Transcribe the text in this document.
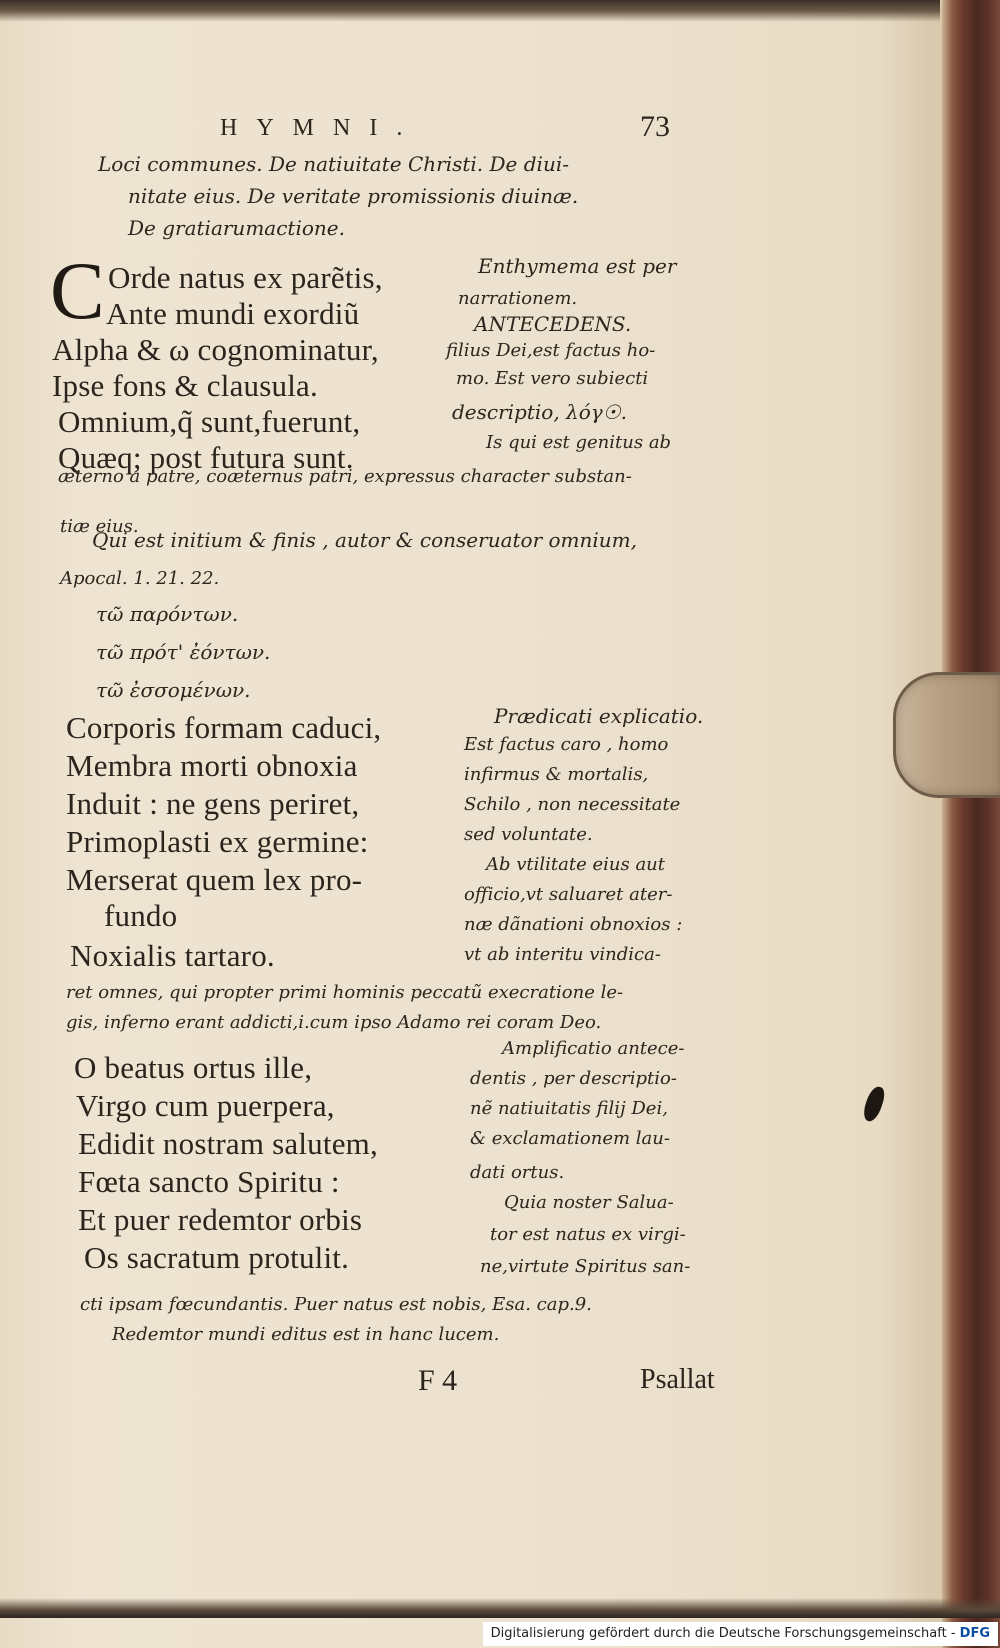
HYMNI.	73
Loci communes. De natiuitate Christi. De diui-
nitate eius. De veritate promissionis diuinæ.
De gratiarumactione.
C Orde natus ex parẽtis,
Ante mundi exordiũ
Alpha & ω cognominatur,
Ipse fons & clausula.
Omnium,q̃ sunt,fuerunt,
Quæq; post futura sunt.
Enthymema est per
narrationem.
ANTECEDENS.
filius Dei,est factus ho-
mo. Est vero subiecti
descriptio, λόγ☉.
Is qui est genitus ab
æterno a patre, coæternus patri, expressus character substan-
tiæ eius.
Qui est initium & finis , autor & conseruator omnium,
Apocal. 1. 21. 22.
τῶ παρόντων.
τῶ πρότ' ἐόντων.
τῶ ἐσσομένων.
Corporis formam caduci,
Membra morti obnoxia
Induit : ne gens periret,
Primoplasti ex germine:
Merserat quem lex pro-
fundo
Noxialis tartaro.
Prædicati explicatio.
Est factus caro , homo
infirmus & mortalis,
Schilo , non necessitate
sed voluntate.
Ab vtilitate eius aut
officio,vt saluaret ater-
næ dãnationi obnoxios :
vt ab interitu vindica-
ret omnes, qui propter primi hominis peccatũ execratione le-
gis, inferno erant addicti,i.cum ipso Adamo rei coram Deo.
O beatus ortus ille,
Virgo cum puerpera,
Edidit nostram salutem,
Fœta sancto Spiritu :
Et puer redemtor orbis
Os sacratum protulit.
Amplificatio antece-
dentis , per descriptio-
nẽ natiuitatis filij Dei,
& exclamationem lau-
dati ortus.
Quia noster Salua-
tor est natus ex virgi-
ne,virtute Spiritus san-
cti ipsam fœcundantis. Puer natus est nobis, Esa. cap.9.
Redemtor mundi editus est in hanc lucem.
F 4	Psallat
Digitalisierung gefördert durch die Deutsche Forschungsgemeinschaft - DFG
